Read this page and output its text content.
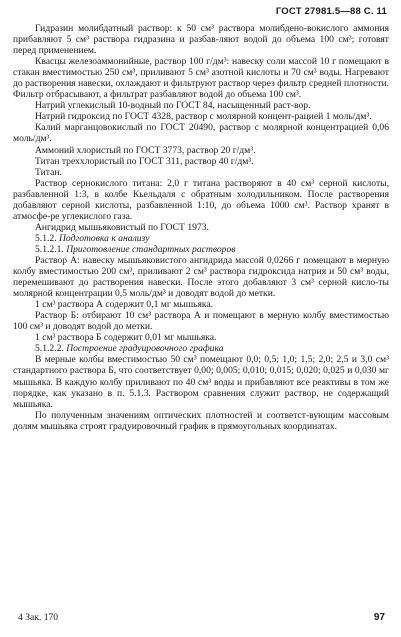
ГОСТ 27981.5—88 С. 11

Гидразин молибдатный раствор: к 50 см³ раствора молибдено-вокислого аммония прибавляют 5 см³ раствора гидразина и разбав-ляют водой до объема 100 см³; готовят перед применением.

Квасцы железоаммонийные, раствор 100 г/дм³: навеску соли массой 10 г помещают в стакан вместимостью 250 см³, приливают 5 см³ азотной кислоты и 70 см³ воды. Нагревают до растворения навески, охлаждают и фильтруют раствор через фильтр средней плотности. Фильтр отбрасывают, а фильтрат разбавляют водой до объема 100 см³.

Натрий углекислый 10-водный по ГОСТ 84, насыщенный раст-вор.

Натрий гидроксид по ГОСТ 4328, раствор с молярной концент-рацией 1 моль/дм³.

Калий марганцовокислый по ГОСТ 20490, раствор с молярной концентрацией 0,06 моль/дм³.

Аммоний хлористый по ГОСТ 3773, раствор 20 г/дм³.

Титан треххлористый по ГОСТ 311, раствор 40 г/дм³.

Титан.

Раствор сернокислого титана: 2,0 г титана растворяют в 40 см³ серной кислоты, разбавленной 1:3, в колбе Кьельдаля с обратным холодильником. После растворения добавляют серной кислоты, разбавленной 1:10, до объема 1000 см³. Раствор хранят в атмосфе-ре углекислого газа.

Ангидрид мышьяковистый по ГОСТ 1973.

5.1.2. Подготовка к анализу

5.1.2.1. Приготовление стандартных растворов

Раствор А: навеску мышьяковистого ангидрида массой 0,0266 г помещают в мерную колбу вместимостью 200 см³, приливают 2 см³ раствора гидроксида натрия и 50 см³ воды, перемешивают до растворения навески. После этого добавляют 3 см³ серной кисло-ты молярной концентрации 0,5 моль/дм³ и доводят водой до метки.

1 см³ раствора А содержит 0,1 мг мышьяка.

Раствор Б: отбирают 10 см³ раствора А и помещают в мерную колбу вместимостью 100 см³ и доводят водой до метки.

1 см³ раствора Б содержит 0,01 мг мышьяка.

5.1.2.2. Построение градуировочного графика

В мерные колбы вместимостью 50 см³ помещают 0,0; 0,5; 1,0; 1,5; 2,0; 2,5 и 3,0 см³ стандартного раствора Б, что соответствует 0,00; 0,005; 0,010; 0,015; 0,020; 0,025 и 0,030 мг мышьяка. В каждую колбу приливают по 40 см³ воды и прибавляют все реактивы в том же порядке, как указано в п. 5.1.3. Раствором сравнения служит раствор, не содержащий мышьяка.

По полученным значениям оптических плотностей и соответст-вующим массовым долям мышьяка строят градуировочный график в прямоугольных координатах.

4 Зак. 170	97
